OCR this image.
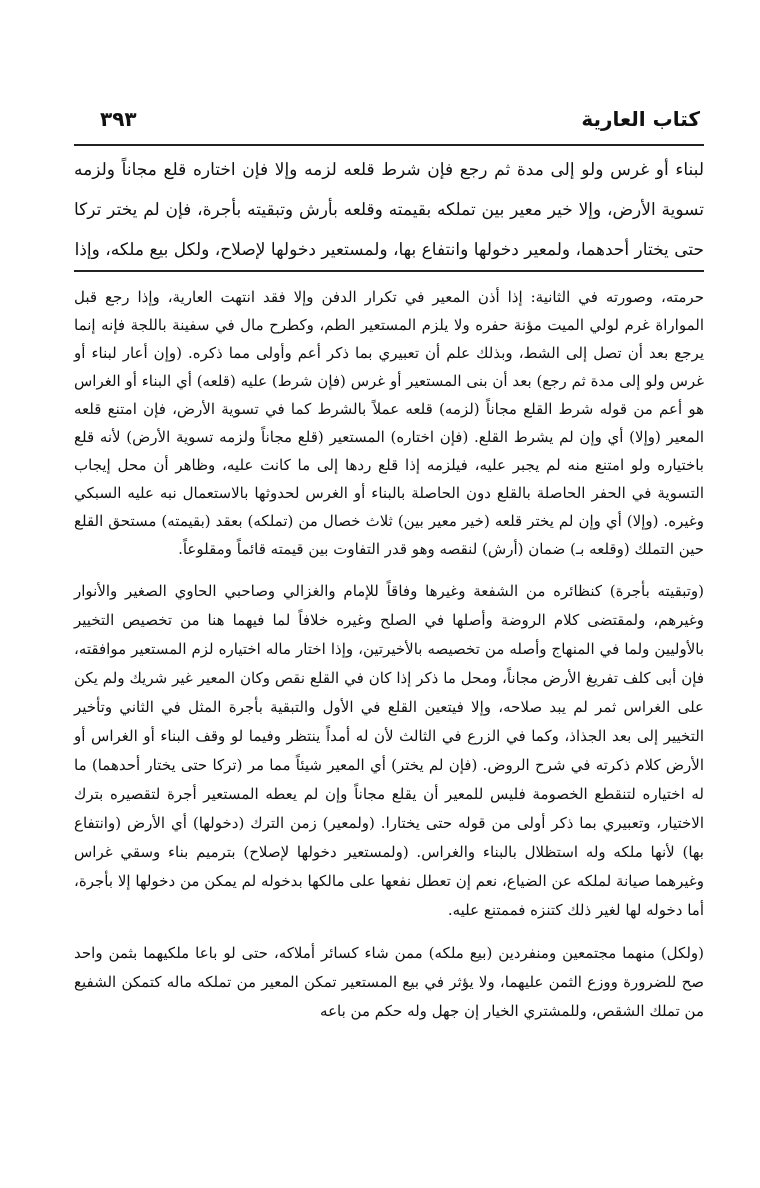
كتاب العارية
٣٩٣

لبناء أو غرس ولو إلى مدة ثم رجع فإن شرط قلعه لزمه وإلا فإن اختاره قلع مجاناً ولزمه تسوية الأرض، وإلا خير معير بين تملكه بقيمته وقلعه بأرش وتبقيته بأجرة، فإن لم يختر تركا حتى يختار أحدهما، ولمعير دخولها وانتفاع بها، ولمستعير دخولها لإصلاح، ولكل بيع ملكه، وإذا

حرمته، وصورته في الثانية: إذا أذن المعير في تكرار الدفن وإلا فقد انتهت العارية، وإذا رجع قبل المواراة غرم لولي الميت مؤنة حفره ولا يلزم المستعير الطم، وكطرح مال في سفينة باللجة فإنه إنما يرجع بعد أن تصل إلى الشط، وبذلك علم أن تعبيري بما ذكر أعم وأولى مما ذكره. (وإن أعار لبناء أو غرس ولو إلى مدة ثم رجع) بعد أن بنى المستعير أو غرس (فإن شرط) عليه (قلعه) أي البناء أو الغراس هو أعم من قوله شرط القلع مجاناً (لزمه) قلعه عملاً بالشرط كما في تسوية الأرض، فإن امتنع قلعه المعير (وإلا) أي وإن لم يشرط القلع. (فإن اختاره) المستعير (قلع مجاناً ولزمه تسوية الأرض) لأنه قلع باختياره ولو امتنع منه لم يجبر عليه، فيلزمه إذا قلع ردها إلى ما كانت عليه، وظاهر أن محل إيجاب التسوية في الحفر الحاصلة بالقلع دون الحاصلة بالبناء أو الغرس لحدوثها بالاستعمال نبه عليه السبكي وغيره. (وإلا) أي وإن لم يختر قلعه (خير معير بين) ثلاث خصال من (تملكه) بعقد (بقيمته) مستحق القلع حين التملك (وقلعه بـ) ضمان (أرش) لنقصه وهو قدر التفاوت بين قيمته قائماً ومقلوعاً.

(وتبقيته بأجرة) كنظائره من الشفعة وغيرها وفاقاً للإمام والغزالي وصاحبي الحاوي الصغير والأنوار وغيرهم، ولمقتضى كلام الروضة وأصلها في الصلح وغيره خلافاً لما فيهما هنا من تخصيص التخيير بالأوليين ولما في المنهاج وأصله من تخصيصه بالأخيرتين، وإذا اختار ماله اختياره لزم المستعير موافقته، فإن أبى كلف تفريغ الأرض مجاناً، ومحل ما ذكر إذا كان في القلع نقص وكان المعير غير شريك ولم يكن على الغراس ثمر لم يبد صلاحه، وإلا فيتعين القلع في الأول والتبقية بأجرة المثل في الثاني وتأخير التخيير إلى بعد الجذاذ، وكما في الزرع في الثالث لأن له أمداً ينتظر وفيما لو وقف البناء أو الغراس أو الأرض كلام ذكرته في شرح الروض. (فإن لم يختر) أي المعير شيئاً مما مر (تركا حتى يختار أحدهما) ما له اختياره لتنقطع الخصومة فليس للمعير أن يقلع مجاناً وإن لم يعطه المستعير أجرة لتقصيره بترك الاختيار، وتعبيري بما ذكر أولى من قوله حتى يختارا. (ولمعير) زمن الترك (دخولها) أي الأرض (وانتفاع بها) لأنها ملكه وله استظلال بالبناء والغراس. (ولمستعير دخولها لإصلاح) بترميم بناء وسقي غراس وغيرهما صيانة لملكه عن الضياع، نعم إن تعطل نفعها على مالكها بدخوله لم يمكن من دخولها إلا بأجرة، أما دخوله لها لغير ذلك كتنزه فممتنع عليه.

(ولكل) منهما مجتمعين ومنفردين (بيع ملكه) ممن شاء كسائر أملاكه، حتى لو باعا ملكيهما بثمن واحد صح للضرورة ووزع الثمن عليهما، ولا يؤثر في بيع المستعير تمكن المعير من تملكه ماله كتمكن الشفيع من تملك الشقص، وللمشتري الخيار إن جهل وله حكم من باعه
